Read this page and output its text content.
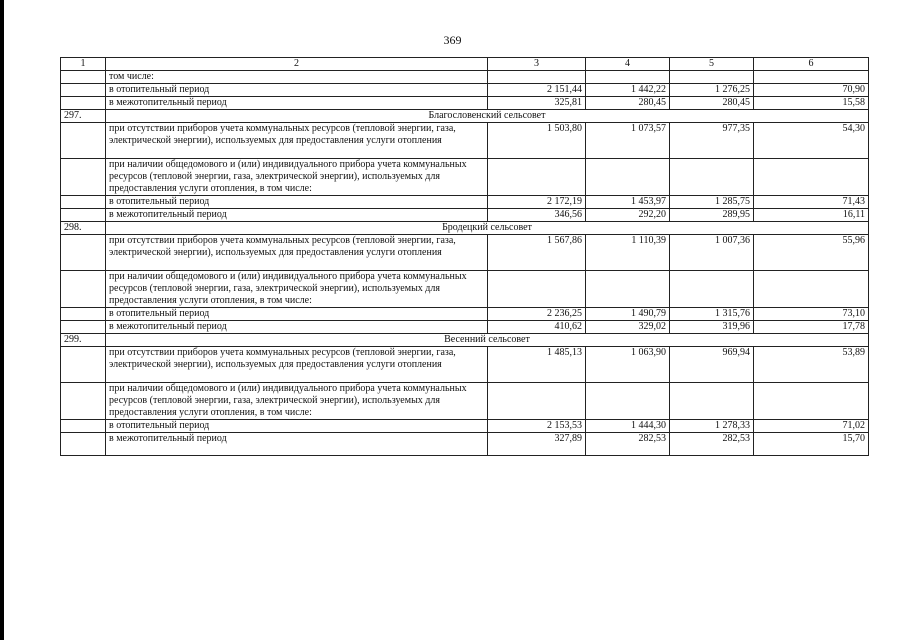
369
1	2	3	4	5	6
	том числе:				
	в отопительный период	2 151,44	1 442,22	1 276,25	70,90
	в межотопительный период	325,81	280,45	280,45	15,58
297.	Благословенский сельсовет				
	при отсутствии приборов учета коммунальных ресурсов (тепловой энергии, газа, электрической энергии), используемых для предоставления услуги отопления	1 503,80	1 073,57	977,35	54,30
	при наличии общедомового и (или) индивидуального прибора учета коммунальных ресурсов (тепловой энергии, газа, электрической энергии), используемых для предоставления услуги отопления, в том числе:				
	в отопительный период	2 172,19	1 453,97	1 285,75	71,43
	в межотопительный период	346,56	292,20	289,95	16,11
298.	Бродецкий сельсовет				
	при отсутствии приборов учета коммунальных ресурсов (тепловой энергии, газа, электрической энергии), используемых для предоставления услуги отопления	1 567,86	1 110,39	1 007,36	55,96
	при наличии общедомового и (или) индивидуального прибора учета коммунальных ресурсов (тепловой энергии, газа, электрической энергии), используемых для предоставления услуги отопления, в том числе:				
	в отопительный период	2 236,25	1 490,79	1 315,76	73,10
	в межотопительный период	410,62	329,02	319,96	17,78
299.	Весенний сельсовет				
	при отсутствии приборов учета коммунальных ресурсов (тепловой энергии, газа, электрической энергии), используемых для предоставления услуги отопления	1 485,13	1 063,90	969,94	53,89
	при наличии общедомового и (или) индивидуального прибора учета коммунальных ресурсов (тепловой энергии, газа, электрической энергии), используемых для предоставления услуги отопления, в том числе:				
	в отопительный период	2 153,53	1 444,30	1 278,33	71,02
	в межотопительный период	327,89	282,53	282,53	15,70
